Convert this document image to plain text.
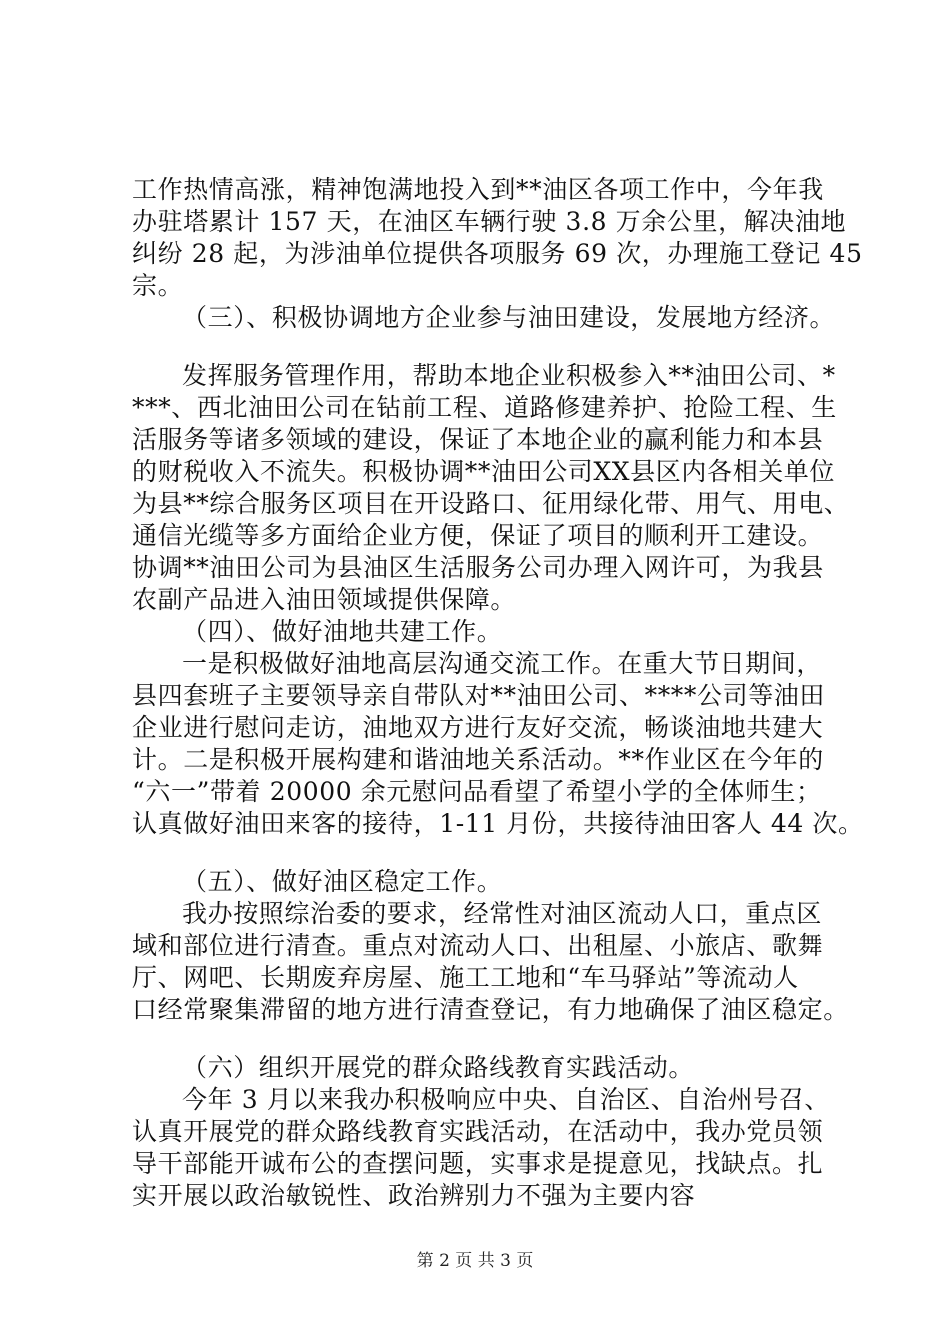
工作热情高涨，精神饱满地投入到**油区各项工作中，今年我
办驻塔累计 157 天，在油区车辆行驶 3.8 万余公里，解决油地
纠纷 28 起，为涉油单位提供各项服务 69 次，办理施工登记 45
宗。
（三）、积极协调地方企业参与油田建设，发展地方经济。
发挥服务管理作用，帮助本地企业积极参入**油田公司、*
***、西北油田公司在钻前工程、道路修建养护、抢险工程、生
活服务等诸多领域的建设，保证了本地企业的赢利能力和本县
的财税收入不流失。积极协调**油田公司XX县区内各相关单位
为县**综合服务区项目在开设路口、征用绿化带、用气、用电、
通信光缆等多方面给企业方便，保证了项目的顺利开工建设。
协调**油田公司为县油区生活服务公司办理入网许可，为我县
农副产品进入油田领域提供保障。
（四）、做好油地共建工作。
一是积极做好油地高层沟通交流工作。在重大节日期间，
县四套班子主要领导亲自带队对**油田公司、****公司等油田
企业进行慰问走访，油地双方进行友好交流，畅谈油地共建大
计。二是积极开展构建和谐油地关系活动。**作业区在今年的
“六一”带着 20000 余元慰问品看望了希望小学的全体师生；
认真做好油田来客的接待，1-11 月份，共接待油田客人 44 次。
（五）、做好油区稳定工作。
我办按照综治委的要求，经常性对油区流动人口，重点区
域和部位进行清查。重点对流动人口、出租屋、小旅店、歌舞
厅、网吧、长期废弃房屋、施工工地和“车马驿站”等流动人
口经常聚集滞留的地方进行清查登记，有力地确保了油区稳定。
（六）组织开展党的群众路线教育实践活动。
今年 3 月以来我办积极响应中央、自治区、自治州号召、
认真开展党的群众路线教育实践活动，在活动中，我办党员领
导干部能开诚布公的查摆问题，实事求是提意见，找缺点。扎
实开展以政治敏锐性、政治辨别力不强为主要内容
第 2 页 共 3 页
